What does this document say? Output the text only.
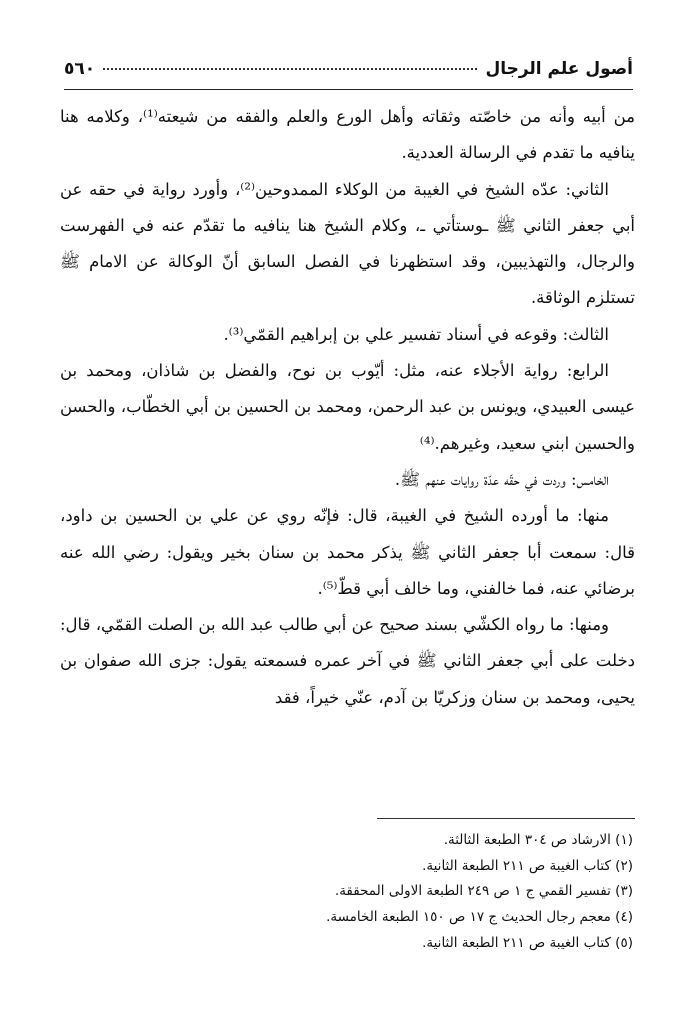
أصول علم الرجال
٥٦٠

من أبيه وأنه من خاصّته وثقاته وأهل الورع والعلم والفقه من شيعته⁽¹⁾، وكلامه هنا ينافيه ما تقدم في الرسالة العددية.

الثاني: عدّه الشيخ في الغيبة من الوكلاء الممدوحين⁽²⁾، وأورد رواية في حقه عن أبي جعفر الثاني ﷺ ـوستأتي ـ، وكلام الشيخ هنا ينافيه ما تقدّم عنه في الفهرست والرجال، والتهذيبين، وقد استظهرنا في الفصل السابق أنّ الوكالة عن الامام ﷺ تستلزم الوثاقة.

الثالث: وقوعه في أسناد تفسير علي بن إبراهيم القمّي⁽³⁾.

الرابع: رواية الأجلاء عنه، مثل: أيّوب بن نوح، والفضل بن شاذان، ومحمد بن عيسى العبيدي، ويونس بن عبد الرحمن، ومحمد بن الحسين بن أبي الخطّاب، والحسن والحسين ابني سعيد، وغيرهم.⁽⁴⁾

الخامس: وردت في حقّه عدّة روايات عنهم ﷺ.

منها: ما أورده الشيخ في الغيبة، قال: فإنّه روي عن علي بن الحسين بن داود، قال: سمعت أبا جعفر الثاني ﷺ يذكر محمد بن سنان بخير ويقول: رضي الله عنه برضائي عنه، فما خالفني، وما خالف أبي قطّ⁽⁵⁾.

ومنها: ما رواه الكشّي بسند صحيح عن أبي طالب عبد الله بن الصلت القمّي، قال: دخلت على أبي جعفر الثاني ﷺ في آخر عمره فسمعته يقول: جزى الله صفوان بن يحيى، ومحمد بن سنان وزكريّا بن آدم، عنّي خيراً، فقد

(١) الارشاد ص ٣٠٤ الطبعة الثالثة.

(٢) كتاب الغيبة ص ٢١١ الطبعة الثانية.

(٣) تفسير القمي ج ١ ص ٢٤٩ الطبعة الاولى المحققة.

(٤) معجم رجال الحديث ج ١٧ ص ١٥٠ الطبعة الخامسة.

(٥) كتاب الغيبة ص ٢١١ الطبعة الثانية.
